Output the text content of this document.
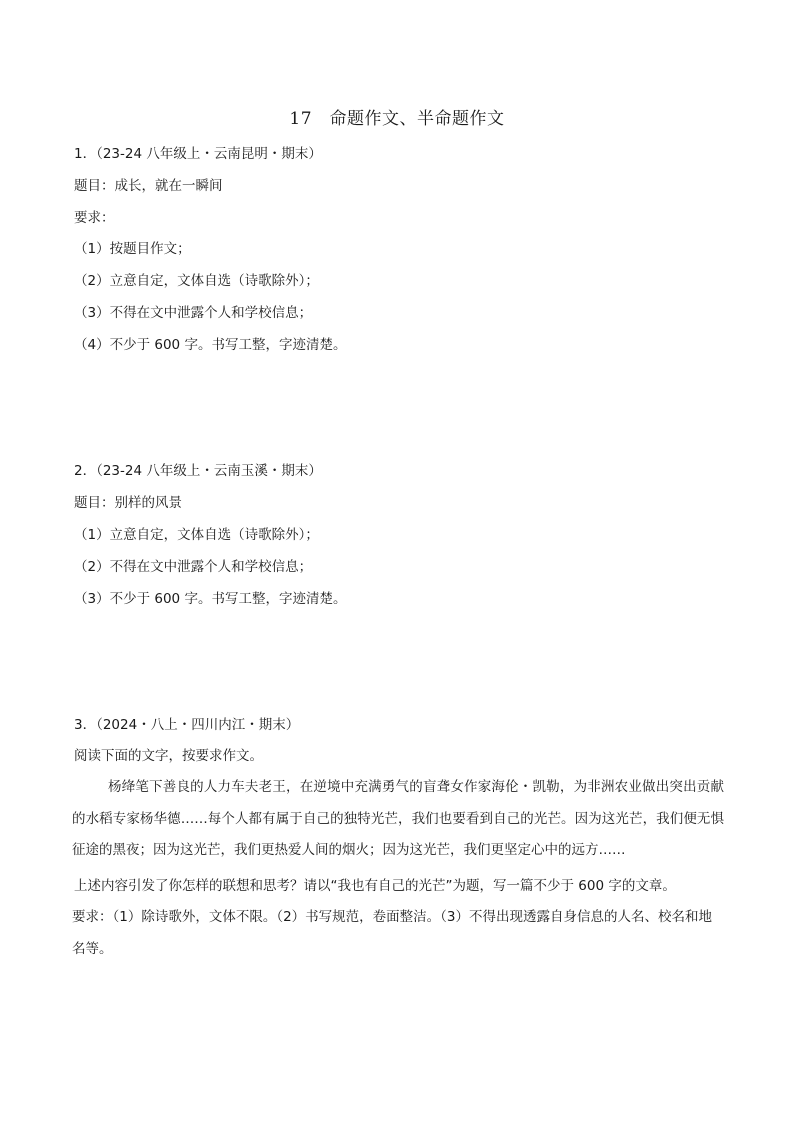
17　命题作文、半命题作文
1．（23-24 八年级上・云南昆明・期末）
题目：成长，就在一瞬间
要求：
（1）按题目作文；
（2）立意自定，文体自选（诗歌除外）；
（3）不得在文中泄露个人和学校信息；
（4）不少于 600 字。书写工整，字迹清楚。
2．（23-24 八年级上・云南玉溪・期末）
题目：别样的风景
（1）立意自定，文体自选（诗歌除外）；
（2）不得在文中泄露个人和学校信息；
（3）不少于 600 字。书写工整，字迹清楚。
3．（2024・八上・四川内江・期末）
阅读下面的文字，按要求作文。
杨绛笔下善良的人力车夫老王，在逆境中充满勇气的盲聋女作家海伦・凯勒，为非洲农业做出突出贡献的水稻专家杨华德……每个人都有属于自己的独特光芒，我们也要看到自己的光芒。因为这光芒，我们便无惧征途的黑夜；因为这光芒，我们更热爱人间的烟火；因为这光芒，我们更坚定心中的远方……
上述内容引发了你怎样的联想和思考？请以“我也有自己的光芒”为题，写一篇不少于 600 字的文章。
要求：（1）除诗歌外，文体不限。（2）书写规范，卷面整洁。（3）不得出现透露自身信息的人名、校名和地名等。
